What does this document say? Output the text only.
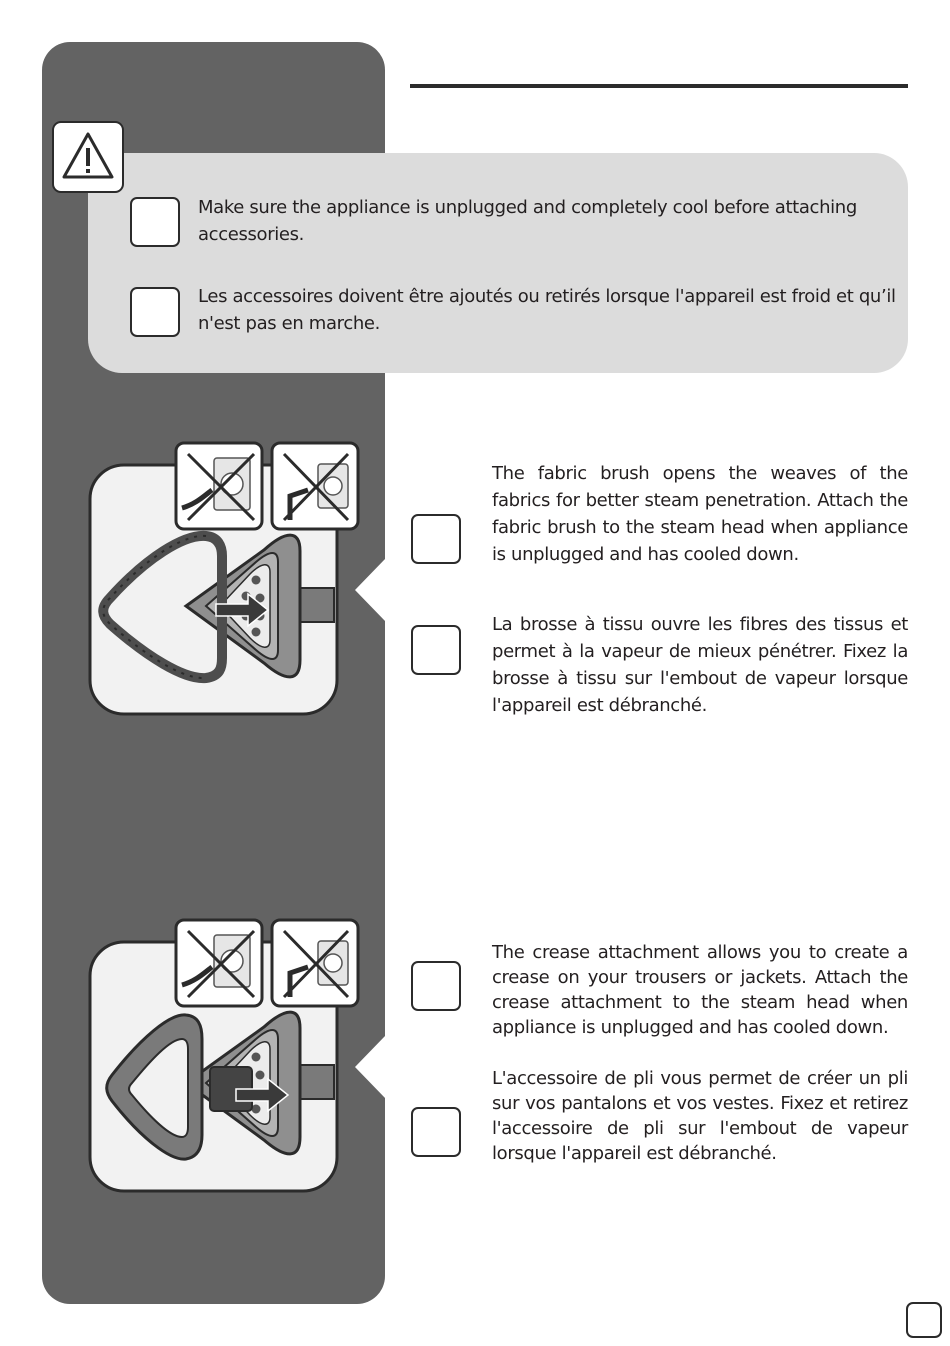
Make sure the appliance is unplugged and completely cool before attaching accessories.
Les accessoires doivent être ajoutés ou retirés lorsque l'appareil est froid et qu’il n'est pas en marche.
The fabric brush opens the weaves of the fabrics for better steam penetration. Attach the fabric brush to the steam head when appliance is unplugged and has cooled down.
La brosse à tissu ouvre les fibres des tissus et permet à la vapeur de mieux pénétrer. Fixez la brosse à tissu sur l'embout de vapeur lorsque l'appareil est débranché.
The crease attachment allows you to create a crease on your trousers or jackets. Attach the crease attachment to the steam head when appliance is unplugged and has cooled down.
L'accessoire de pli vous permet de créer un pli sur vos pantalons et vos vestes. Fixez et retirez l'accessoire de pli sur l'embout de vapeur lorsque l'appareil est débranché.
